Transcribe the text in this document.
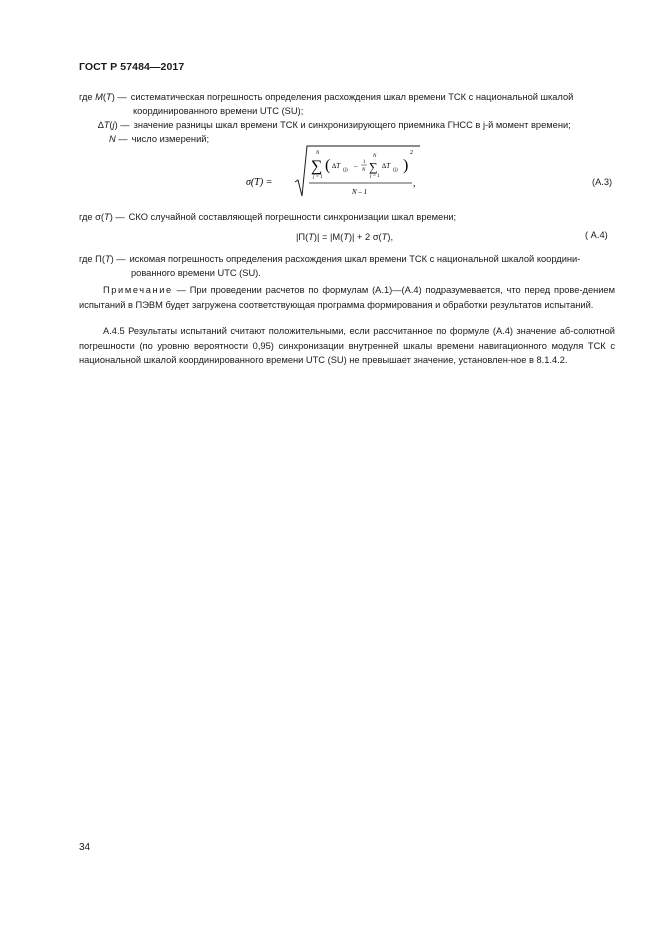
ГОСТ Р 57484—2017
где M(T) — систематическая погрешность определения расхождения шкал времени ТСК с национальной шкалой
координированного времени UTC (SU);
∆T(j) — значение разницы шкал времени ТСК и синхронизирующего приемника ГНСС в j-й момент времени;
N — число измерений;
σ(T) =
N
∑
j = 1
( ∆T
(j)
– 1
N
N
∑
j = 1
∆T
(j) )
2
N – 1
,	(А.3)
где σ(T) — СКО случайной составляющей погрешности синхронизации шкал времени;
|П(T)| = |M(T)| + 2 σ(T),	( А.4)
где П(T) — искомая погрешность определения расхождения шкал времени ТСК с национальной шкалой координи-
рованного времени UTC (SU).
Примечание — При проведении расчетов по формулам (А.1)—(А.4) подразумевается, что перед прове-дением испытаний в ПЭВМ будет загружена соответствующая программа формирования и обработки результатов испытаний.
А.4.5 Результаты испытаний считают положительными, если рассчитанное по формуле (А.4) значение аб-солютной погрешности (по уровню вероятности 0,95) синхронизации внутренней шкалы времени навигационного модуля ТСК с национальной шкалой координированного времени UTC (SU) не превышает значение, установлен-ное в 8.1.4.2.
34
